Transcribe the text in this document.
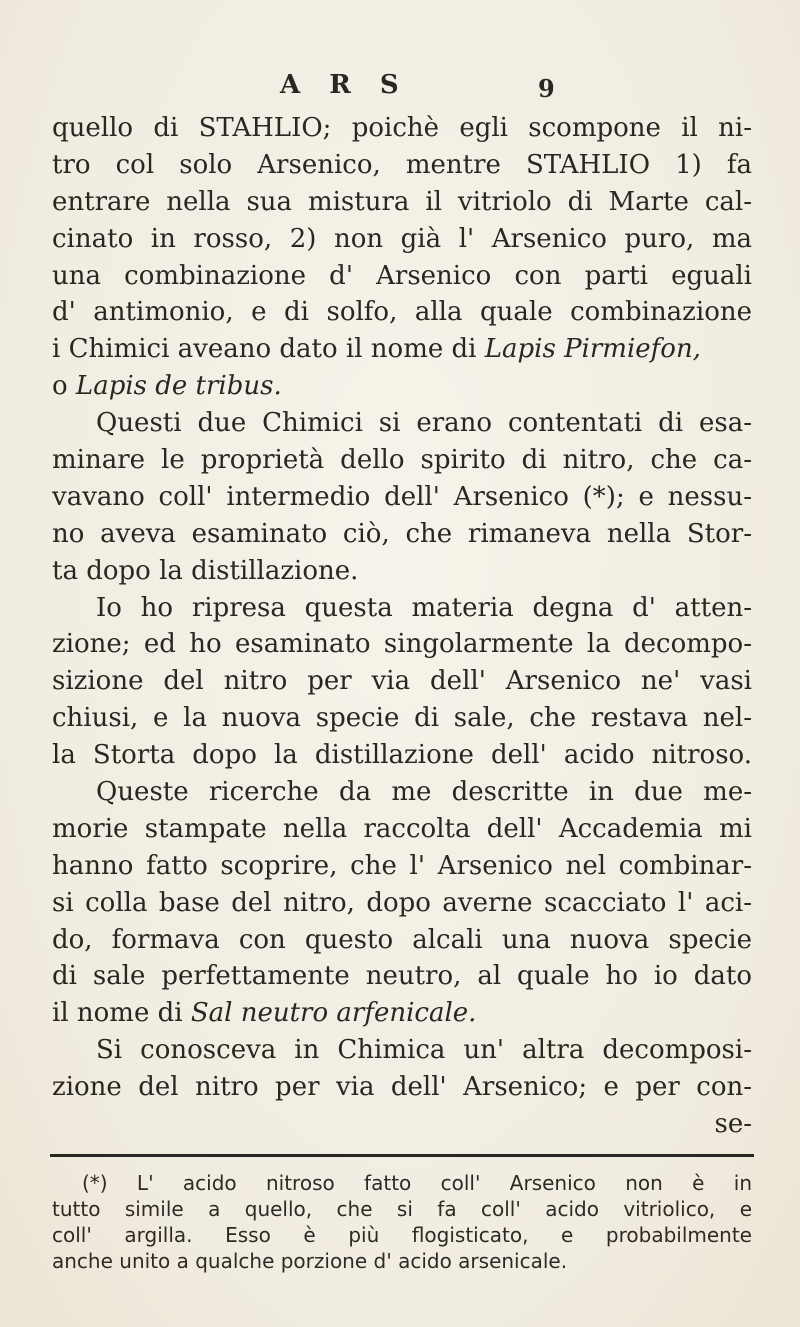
A R S	9
quello di STAHLIO; poichè egli scompone il ni-
tro col solo Arsenico, mentre STAHLIO 1) fa
entrare nella sua mistura il vitriolo di Marte cal-
cinato in rosso, 2) non già l' Arsenico puro, ma
una combinazione d' Arsenico con parti eguali
d' antimonio, e di solfo, alla quale combinazione
i Chimici aveano dato il nome di Lapis Pirmiefon,
o Lapis de tribus.
Questi due Chimici si erano contentati di esa-
minare le proprietà dello spirito di nitro, che ca-
vavano coll' intermedio dell' Arsenico (*); e nessu-
no aveva esaminato ciò, che rimaneva nella Stor-
ta dopo la distillazione.
Io ho ripresa questa materia degna d' atten-
zione; ed ho esaminato singolarmente la decompo-
sizione del nitro per via dell' Arsenico ne' vasi
chiusi, e la nuova specie di sale, che restava nel-
la Storta dopo la distillazione dell' acido nitroso.
Queste ricerche da me descritte in due me-
morie stampate nella raccolta dell' Accademia mi
hanno fatto scoprire, che l' Arsenico nel combinar-
si colla base del nitro, dopo averne scacciato l' aci-
do, formava con questo alcali una nuova specie
di sale perfettamente neutro, al quale ho io dato
il nome di Sal neutro arfenicale.
Si conosceva in Chimica un' altra decomposi-
zione del nitro per via dell' Arsenico; e per con-
se-
(*) L' acido nitroso fatto coll' Arsenico non è in
tutto simile a quello, che si fa coll' acido vitriolico, e
coll' argilla. Esso è più flogisticato, e probabilmente
anche unito a qualche porzione d' acido arsenicale.
